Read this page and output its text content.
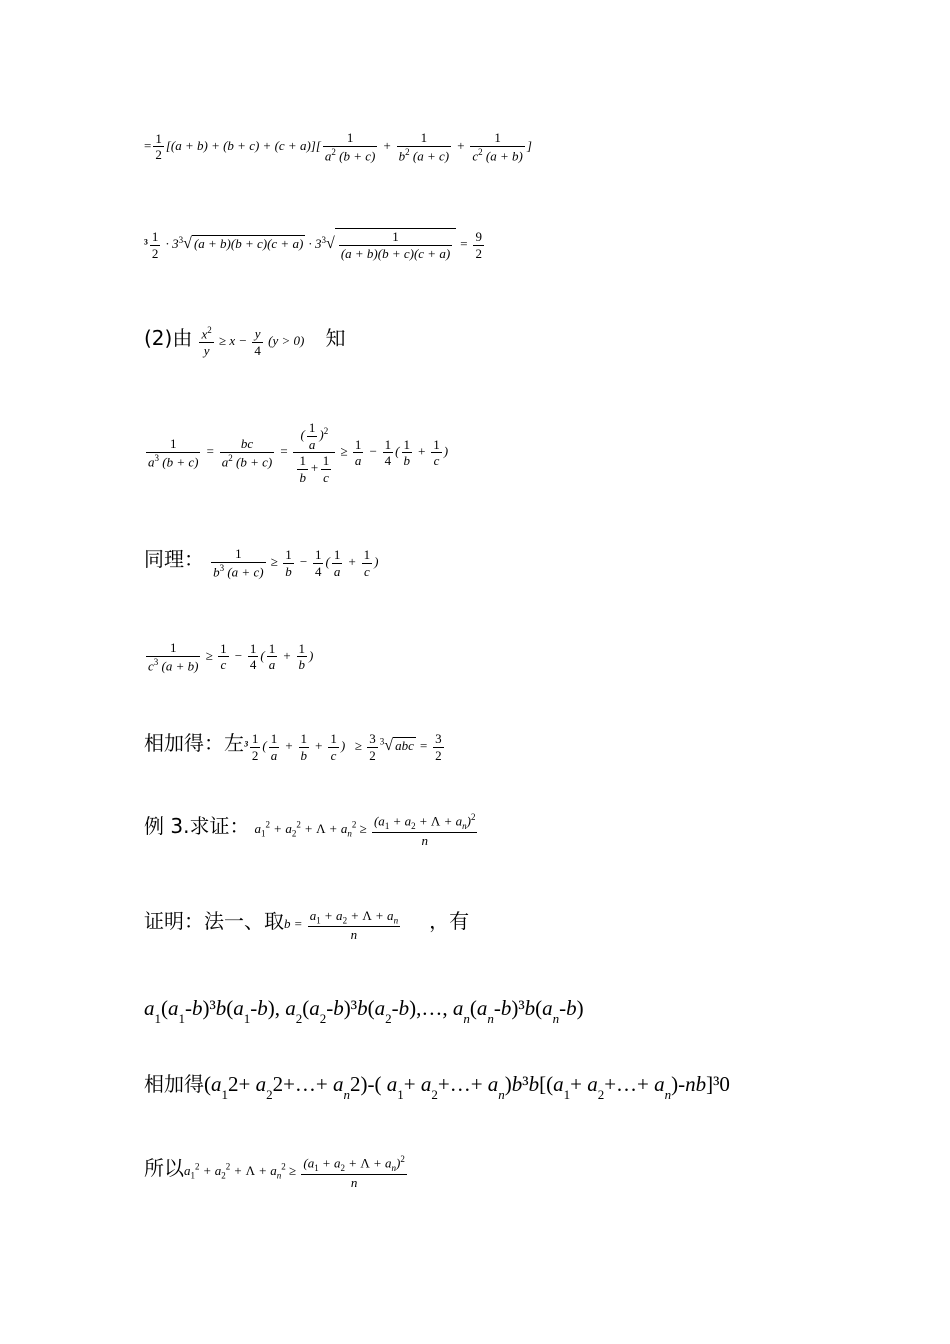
= $\frac{1}{2} [(a + b) + (b + c) + (c + a)][ \frac{1}{a^2 (b + c)} + \frac{1}{b^2 (a + c)} + \frac{1}{c^2 (a + b)}$ ]
$^3 \frac{1}{2} \cdot 3^3√$ $(a + b)(b + c)(c + a) \cdot 3^3√ \frac{1}{(a + b)(b + c)(c + a)} = \frac{9}{2}$
(2)由 $\frac{x^2}{y} \ge x - \frac{y}{4} (y > 0)$ 知
$\frac{1}{a^3 (b + c)} = \frac{bc}{a^2 (b + c)} = \frac{( \frac{1}{a} )^2}{\frac{1}{b} + \frac{1}{c}} \ge \frac{1}{a} - \frac{1}{4}$ ( $\frac{1}{b} + \frac{1}{c}$ )
同理： $\frac{1}{b^3 (a + c)} \ge \frac{1}{b} - \frac{1}{4}$ ( $\frac{1}{a} + \frac{1}{c}$ )
$\frac{1}{c^3 (a + b)} \ge \frac{1}{c} - \frac{1}{4}$ ( $\frac{1}{a} + \frac{1}{b}$ )
相加得：左$^3 \frac{1}{2}$ ( $\frac{1}{a} + \frac{1}{b} + \frac{1}{c}$ )   ≥ $\frac{3}{2} ^3√$ abc = $\frac{3}{2}$
例 3.求证： $a_1^2 + a_2^2 + \Lambda + a_n^2 \ge \frac{(a_1 + a_2 + \Lambda + a_n)^2}{n}$
证明：法一、取$b = \frac{a_1 + a_2 + \Lambda + a_n}{n}$ ，有
$a_1(a_1-b)^3b(a_1-b)$, $a_2(a_2-b)^3b(a_2-b),\dots$, $a_n(a_n-b)^3b(a_n-b)$
相加得($a_12+$ $a_22+\dots+ a_n2)-$( $a_1+$ $a_2+\dots+ a_n)b^3b[(a_1+$ $a_2+\dots+ a_n)-nb]^30$
所以$a_1^2 + a_2^2 + \Lambda + a_n^2 \ge \frac{(a_1 + a_2 + \Lambda + a_n)^2}{n}$
